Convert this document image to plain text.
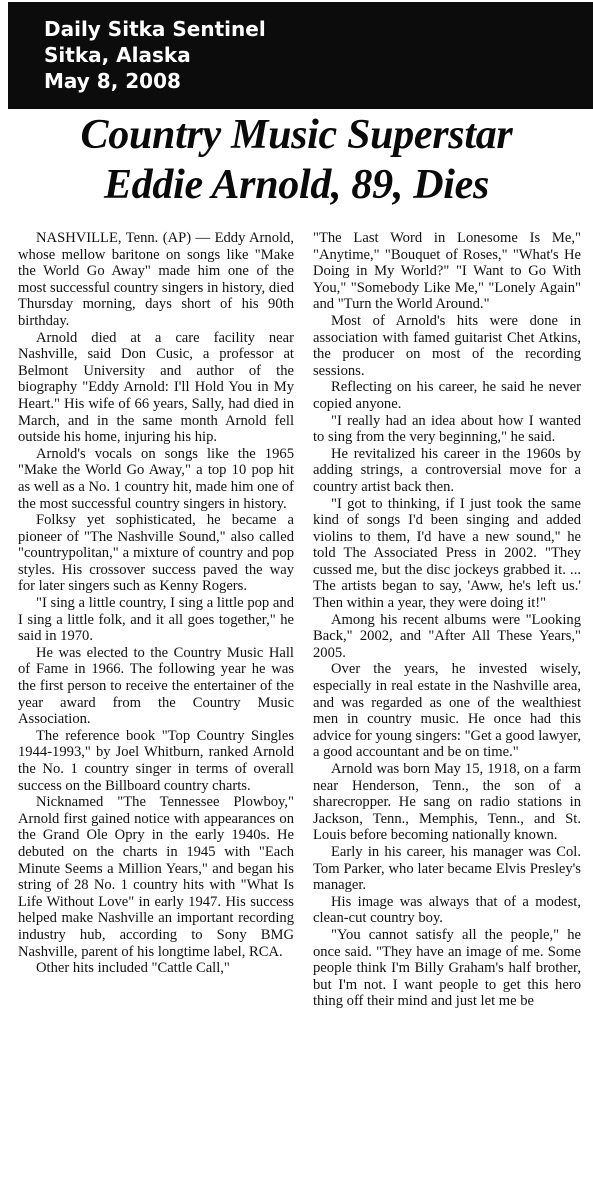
Daily Sitka Sentinel
Sitka, Alaska
May 8, 2008
Country Music Superstar
Eddie Arnold, 89, Dies

NASHVILLE, Tenn. (AP) — Eddy Arnold, whose mellow baritone on songs like "Make the World Go Away" made him one of the most successful country singers in history, died Thursday morning, days short of his 90th birthday.

Arnold died at a care facility near Nashville, said Don Cusic, a professor at Belmont University and author of the biography "Eddy Arnold: I'll Hold You in My Heart." His wife of 66 years, Sally, had died in March, and in the same month Arnold fell outside his home, injuring his hip.

Arnold's vocals on songs like the 1965 "Make the World Go Away," a top 10 pop hit as well as a No. 1 country hit, made him one of the most successful country singers in history.

Folksy yet sophisticated, he became a pioneer of "The Nashville Sound," also called "countrypolitan," a mixture of country and pop styles. His crossover success paved the way for later singers such as Kenny Rogers.

"I sing a little country, I sing a little pop and I sing a little folk, and it all goes together," he said in 1970.

He was elected to the Country Music Hall of Fame in 1966. The following year he was the first person to receive the entertainer of the year award from the Country Music Association.

The reference book "Top Country Singles 1944-1993," by Joel Whitburn, ranked Arnold the No. 1 country singer in terms of overall success on the Billboard country charts.

Nicknamed "The Tennessee Plowboy," Arnold first gained notice with appearances on the Grand Ole Opry in the early 1940s. He debuted on the charts in 1945 with "Each Minute Seems a Million Years," and began his string of 28 No. 1 country hits with "What Is Life Without Love" in early 1947. His success helped make Nashville an important recording industry hub, according to Sony BMG Nashville, parent of his longtime label, RCA.

Other hits included "Cattle Call,"

"The Last Word in Lonesome Is Me," "Anytime," "Bouquet of Roses," "What's He Doing in My World?" "I Want to Go With You," "Somebody Like Me," "Lonely Again" and "Turn the World Around."

Most of Arnold's hits were done in association with famed guitarist Chet Atkins, the producer on most of the recording sessions.

Reflecting on his career, he said he never copied anyone.

"I really had an idea about how I wanted to sing from the very beginning," he said.

He revitalized his career in the 1960s by adding strings, a controversial move for a country artist back then.

"I got to thinking, if I just took the same kind of songs I'd been singing and added violins to them, I'd have a new sound," he told The Associated Press in 2002. "They cussed me, but the disc jockeys grabbed it. ... The artists began to say, 'Aww, he's left us.' Then within a year, they were doing it!"

Among his recent albums were "Looking Back," 2002, and "After All These Years," 2005.

Over the years, he invested wisely, especially in real estate in the Nashville area, and was regarded as one of the wealthiest men in country music. He once had this advice for young singers: "Get a good lawyer, a good accountant and be on time."

Arnold was born May 15, 1918, on a farm near Henderson, Tenn., the son of a sharecropper. He sang on radio stations in Jackson, Tenn., Memphis, Tenn., and St. Louis before becoming nationally known.

Early in his career, his manager was Col. Tom Parker, who later became Elvis Presley's manager.

His image was always that of a modest, clean-cut country boy.

"You cannot satisfy all the people," he once said. "They have an image of me. Some people think I'm Billy Graham's half brother, but I'm not. I want people to get this hero thing off their mind and just let me be
